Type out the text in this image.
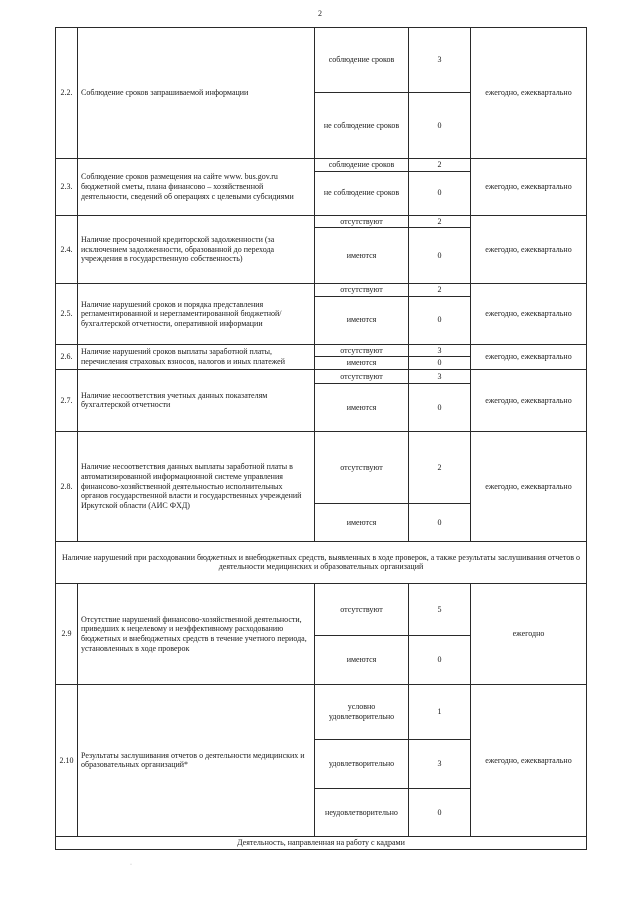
2
2.2.	Соблюдение сроков запрашиваемой информации	соблюдение сроков	3	ежегодно, ежеквартально
		не соблюдение сроков	0	
2.3.	Соблюдение сроков размещения на сайте www. bus.gov.ru бюджетной сметы, плана финансово – хозяйственной деятельности, сведений об операциях с целевыми субсидиями	соблюдение сроков	2	ежегодно, ежеквартально
		не соблюдение сроков	0	
2.4.	Наличие просроченной кредиторской задолженности (за исключением задолженности, образованной до перехода учреждения в государственную собственность)	отсутствуют	2	ежегодно, ежеквартально
		имеются	0	
2.5.	Наличие нарушений сроков и порядка представления регламентированной и нерегламентированной бюджетной/бухгалтерской отчетности, оперативной информации	отсутствуют	2	ежегодно, ежеквартально
		имеются	0	
2.6.	Наличие нарушений сроков выплаты заработной платы, перечисления страховых взносов, налогов и иных платежей	отсутствуют	3	ежегодно, ежеквартально
		имеются	0	
2.7.	Наличие несоответствия учетных данных показателям бухгалтерской отчетности	отсутствуют	3	ежегодно, ежеквартально
		имеются	0	
2.8.	Наличие несоответствия данных выплаты заработной платы в автоматизированной информационной системе управления финансово-хозяйственной деятельностью исполнительных органов государственной власти и государственных учреждений Иркутской области (АИС ФХД)	отсутствуют	2	ежегодно, ежеквартально
		имеются	0	
Наличие нарушений при расходовании бюджетных и внебюджетных средств, выявленных в ходе проверок, а также результаты заслушивания отчетов о деятельности медицинских и образовательных организаций				
2.9	Отсутствие нарушений финансово-хозяйственной деятельности, приведших к нецелевому и неэффективному расходованию бюджетных и внебюджетных средств в течение учетного периода, установленных в ходе проверок	отсутствуют	5	ежегодно
		имеются	0	
2.10	Результаты заслушивания отчетов о деятельности медицинских и образовательных организаций*	условно удовлетворительно	1	ежегодно, ежеквартально
		удовлетворительно	3	
		неудовлетворительно	0	
Деятельность, направленная на работу с кадрами				
·
